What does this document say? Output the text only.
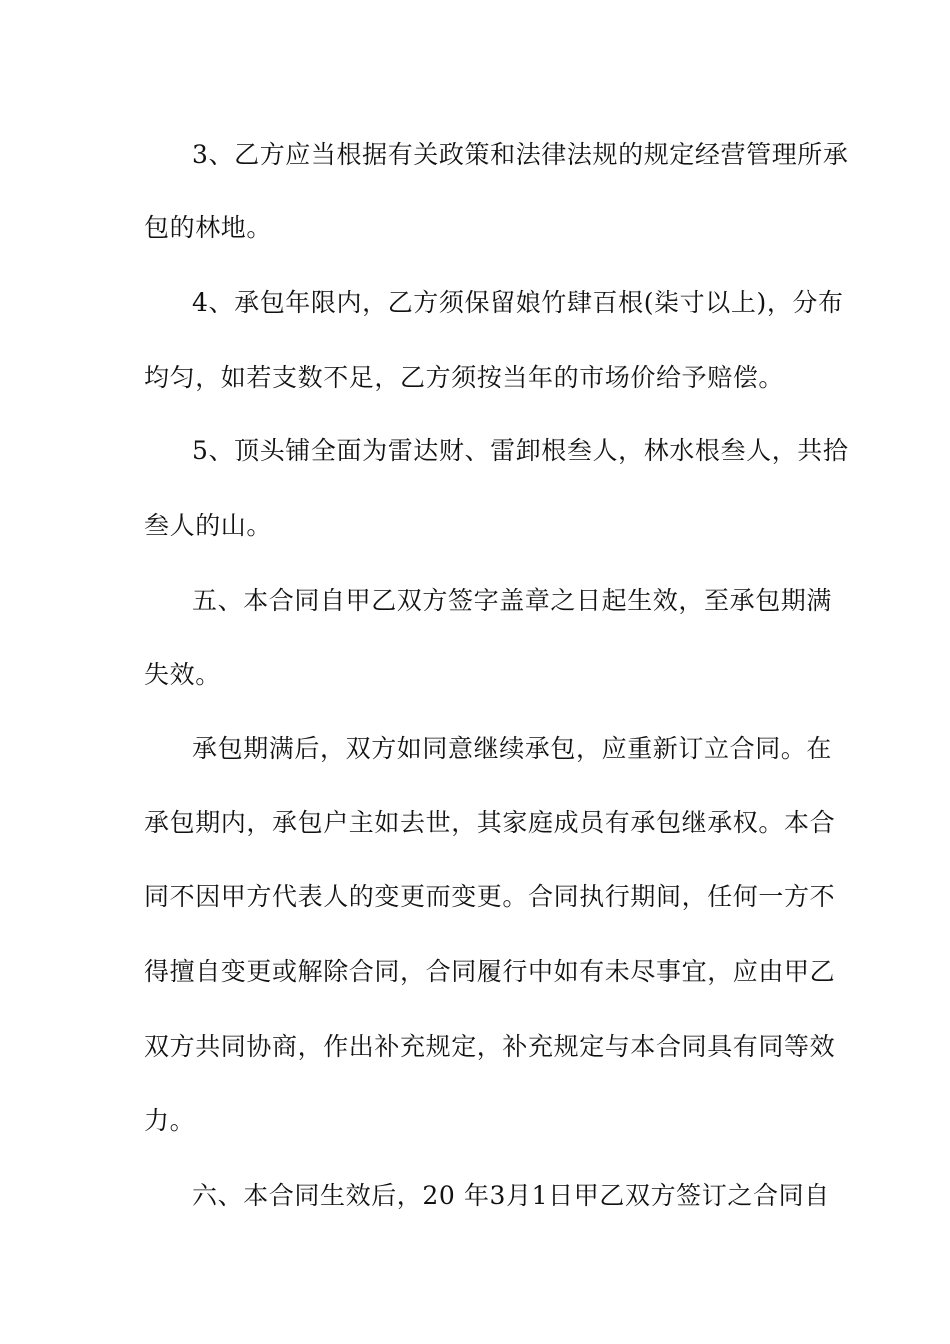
3、乙方应当根据有关政策和法律法规的规定经营管理所承
包的林地。
4、承包年限内，乙方须保留娘竹肆百根(柒寸以上)，分布
均匀，如若支数不足，乙方须按当年的市场价给予赔偿。
5、顶头铺全面为雷达财、雷卸根叁人，林水根叁人，共拾
叁人的山。
五、本合同自甲乙双方签字盖章之日起生效，至承包期满
失效。
承包期满后，双方如同意继续承包，应重新订立合同。在
承包期内，承包户主如去世，其家庭成员有承包继承权。本合
同不因甲方代表人的变更而变更。合同执行期间，任何一方不
得擅自变更或解除合同，合同履行中如有未尽事宜，应由甲乙
双方共同协商，作出补充规定，补充规定与本合同具有同等效
力。
六、本合同生效后，20 年3月1日甲乙双方签订之合同自
